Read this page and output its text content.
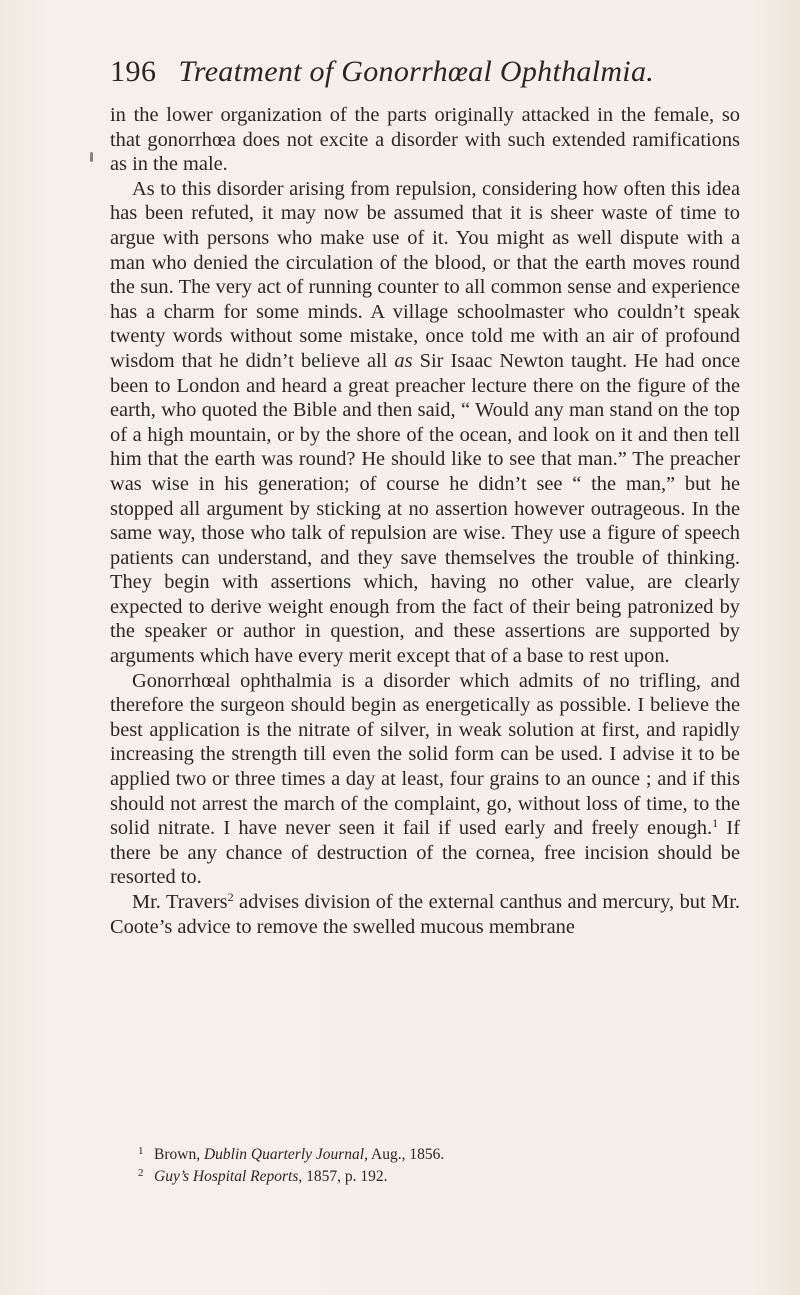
196 Treatment of Gonorrhœal Ophthalmia.

in the lower organization of the parts originally attacked in the female, so that gonorrhœa does not excite a disorder with such extended ramifications as in the male.

As to this disorder arising from repulsion, considering how often this idea has been refuted, it may now be assumed that it is sheer waste of time to argue with persons who make use of it. You might as well dispute with a man who denied the circulation of the blood, or that the earth moves round the sun. The very act of running counter to all common sense and experience has a charm for some minds. A village schoolmaster who couldn’t speak twenty words without some mistake, once told me with an air of profound wisdom that he didn’t believe all as Sir Isaac Newton taught. He had once been to London and heard a great preacher lecture there on the figure of the earth, who quoted the Bible and then said, “ Would any man stand on the top of a high mountain, or by the shore of the ocean, and look on it and then tell him that the earth was round? He should like to see that man.” The preacher was wise in his generation; of course he didn’t see “ the man,” but he stopped all argument by sticking at no assertion however outrageous. In the same way, those who talk of repulsion are wise. They use a figure of speech patients can understand, and they save themselves the trouble of thinking. They begin with assertions which, having no other value, are clearly expected to derive weight enough from the fact of their being patronized by the speaker or author in question, and these assertions are supported by arguments which have every merit except that of a base to rest upon.

Gonorrhœal ophthalmia is a disorder which admits of no trifling, and therefore the surgeon should begin as energetically as possible. I believe the best application is the nitrate of silver, in weak solution at first, and rapidly increasing the strength till even the solid form can be used. I advise it to be applied two or three times a day at least, four grains to an ounce ; and if this should not arrest the march of the complaint, go, without loss of time, to the solid nitrate. I have never seen it fail if used early and freely enough.$^1$ If there be any chance of destruction of the cornea, free incision should be resorted to.

Mr. Travers$^2$ advises division of the external canthus and mercury, but Mr. Coote’s advice to remove the swelled mucous membrane

1 Brown, Dublin Quarterly Journal, Aug., 1856.
2 Guy’s Hospital Reports, 1857, p. 192.
